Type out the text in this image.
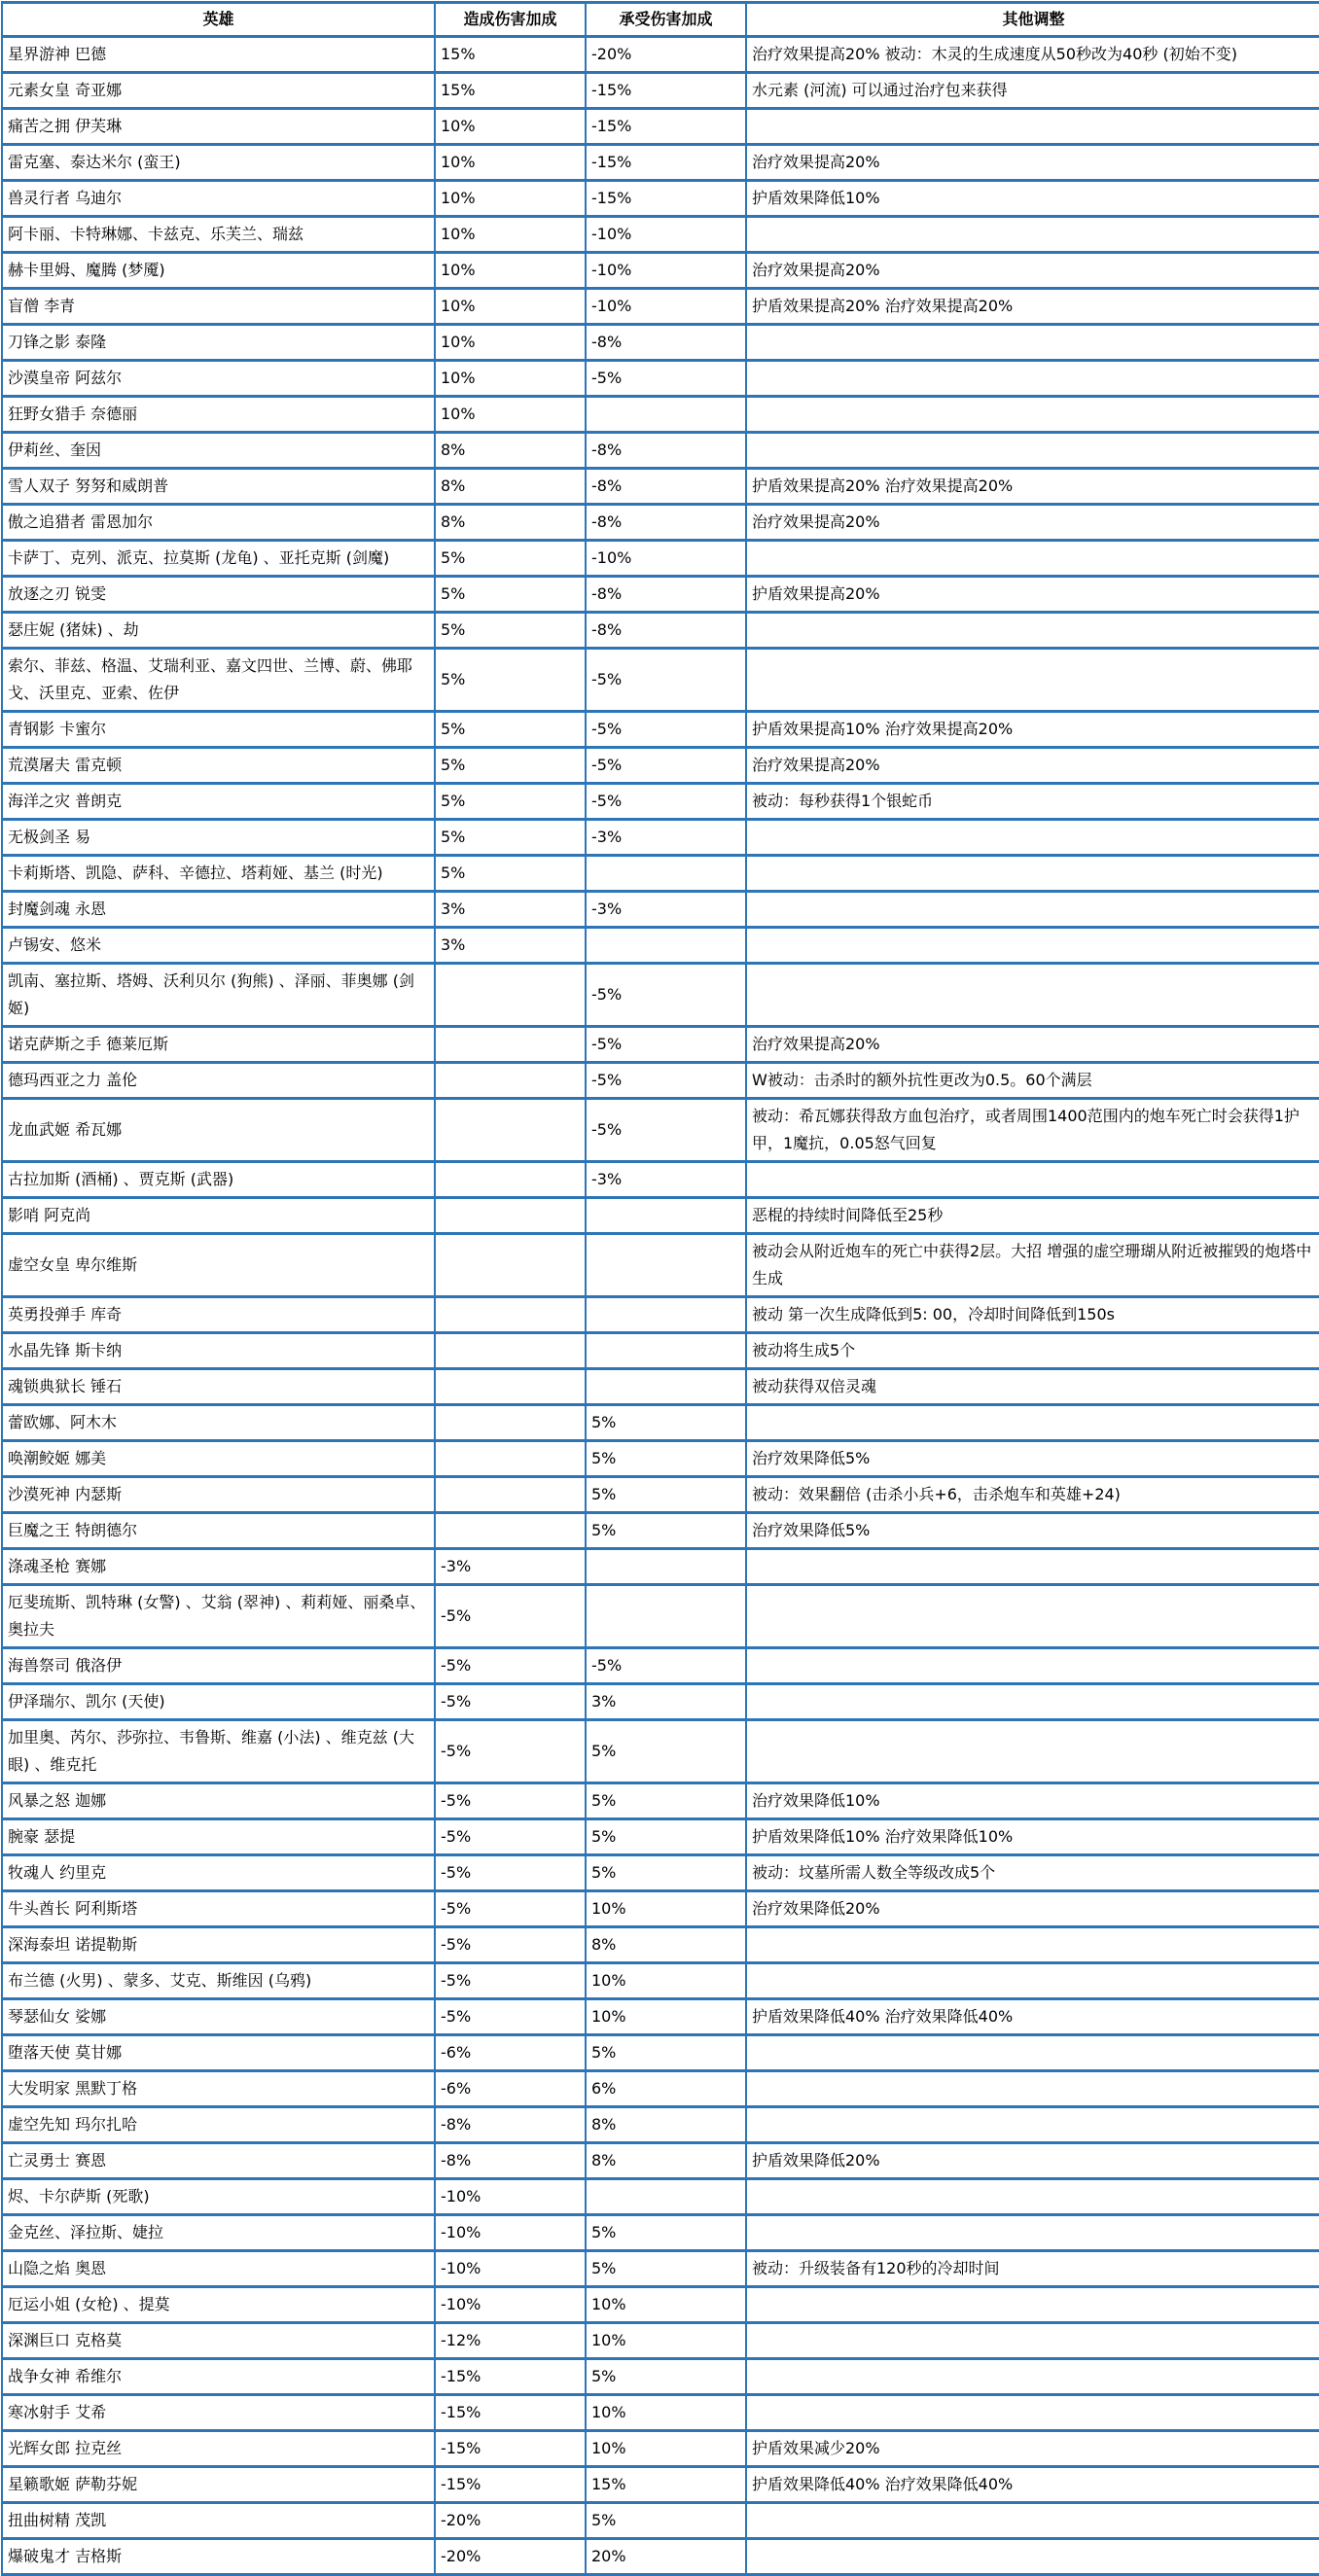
英雄	造成伤害加成	承受伤害加成	其他调整
星界游神 巴德	15%	-20%	治疗效果提高20% 被动：木灵的生成速度从50秒改为40秒 (初始不变)
元素女皇 奇亚娜	15%	-15%	水元素 (河流) 可以通过治疗包来获得
痛苦之拥 伊芙琳	10%	-15%	
雷克塞、泰达米尔 (蛮王)	10%	-15%	治疗效果提高20%
兽灵行者 乌迪尔	10%	-15%	护盾效果降低10%
阿卡丽、卡特琳娜、卡兹克、乐芙兰、瑞兹	10%	-10%	
赫卡里姆、魔腾 (梦魇)	10%	-10%	治疗效果提高20%
盲僧 李青	10%	-10%	护盾效果提高20% 治疗效果提高20%
刀锋之影 泰隆	10%	-8%	
沙漠皇帝 阿兹尔	10%	-5%	
狂野女猎手 奈德丽	10%		
伊莉丝、奎因	8%	-8%	
雪人双子 努努和威朗普	8%	-8%	护盾效果提高20% 治疗效果提高20%
傲之追猎者 雷恩加尔	8%	-8%	治疗效果提高20%
卡萨丁、克列、派克、拉莫斯 (龙龟) 、亚托克斯 (剑魔)	5%	-10%	
放逐之刃 锐雯	5%	-8%	护盾效果提高20%
瑟庄妮 (猪妹) 、劫	5%	-8%	
索尔、菲兹、格温、艾瑞利亚、嘉文四世、兰博、蔚、佛耶戈、沃里克、亚索、佐伊	5%	-5%	
青钢影 卡蜜尔	5%	-5%	护盾效果提高10% 治疗效果提高20%
荒漠屠夫 雷克顿	5%	-5%	治疗效果提高20%
海洋之灾 普朗克	5%	-5%	被动：每秒获得1个银蛇币
无极剑圣 易	5%	-3%	
卡莉斯塔、凯隐、萨科、辛德拉、塔莉娅、基兰 (时光)	5%		
封魔剑魂 永恩	3%	-3%	
卢锡安、悠米	3%		
凯南、塞拉斯、塔姆、沃利贝尔 (狗熊) 、泽丽、菲奥娜 (剑姬)		-5%	
诺克萨斯之手 德莱厄斯		-5%	治疗效果提高20%
德玛西亚之力 盖伦		-5%	W被动：击杀时的额外抗性更改为0.5。60个满层
龙血武姬 希瓦娜		-5%	被动：希瓦娜获得敌方血包治疗，或者周围1400范围内的炮车死亡时会获得1护甲，1魔抗，0.05怒气回复
古拉加斯 (酒桶) 、贾克斯 (武器)		-3%	
影哨 阿克尚			恶棍的持续时间降低至25秒
虚空女皇 卑尔维斯			被动会从附近炮车的死亡中获得2层。大招 增强的虚空珊瑚从附近被摧毁的炮塔中生成
英勇投弹手 库奇			被动 第一次生成降低到5: 00，冷却时间降低到150s
水晶先锋 斯卡纳			被动将生成5个
魂锁典狱长 锤石			被动获得双倍灵魂
蕾欧娜、阿木木		5%	
唤潮鲛姬 娜美		5%	治疗效果降低5%
沙漠死神 内瑟斯		5%	被动：效果翻倍 (击杀小兵+6，击杀炮车和英雄+24)
巨魔之王 特朗德尔		5%	治疗效果降低5%
涤魂圣枪 赛娜	-3%		
厄斐琉斯、凯特琳 (女警) 、艾翁 (翠神) 、莉莉娅、丽桑卓、奥拉夫	-5%		
海兽祭司 俄洛伊	-5%	-5%	
伊泽瑞尔、凯尔 (天使)	-5%	3%	
加里奥、芮尔、莎弥拉、韦鲁斯、维嘉 (小法) 、维克兹 (大眼) 、维克托	-5%	5%	
风暴之怒 迦娜	-5%	5%	治疗效果降低10%
腕豪 瑟提	-5%	5%	护盾效果降低10% 治疗效果降低10%
牧魂人 约里克	-5%	5%	被动：坟墓所需人数全等级改成5个
牛头酋长 阿利斯塔	-5%	10%	治疗效果降低20%
深海泰坦 诺提勒斯	-5%	8%	
布兰德 (火男) 、蒙多、艾克、斯维因 (乌鸦)	-5%	10%	
琴瑟仙女 娑娜	-5%	10%	护盾效果降低40% 治疗效果降低40%
堕落天使 莫甘娜	-6%	5%	
大发明家 黑默丁格	-6%	6%	
虚空先知 玛尔扎哈	-8%	8%	
亡灵勇士 赛恩	-8%	8%	护盾效果降低20%
烬、卡尔萨斯 (死歌)	-10%		
金克丝、泽拉斯、婕拉	-10%	5%	
山隐之焰 奥恩	-10%	5%	被动：升级装备有120秒的冷却时间
厄运小姐 (女枪) 、提莫	-10%	10%	
深渊巨口 克格莫	-12%	10%	
战争女神 希维尔	-15%	5%	
寒冰射手 艾希	-15%	10%	
光辉女郎 拉克丝	-15%	10%	护盾效果减少20%
星籁歌姬 萨勒芬妮	-15%	15%	护盾效果降低40% 治疗效果降低40%
扭曲树精 茂凯	-20%	5%	
爆破鬼才 吉格斯	-20%	20%	
